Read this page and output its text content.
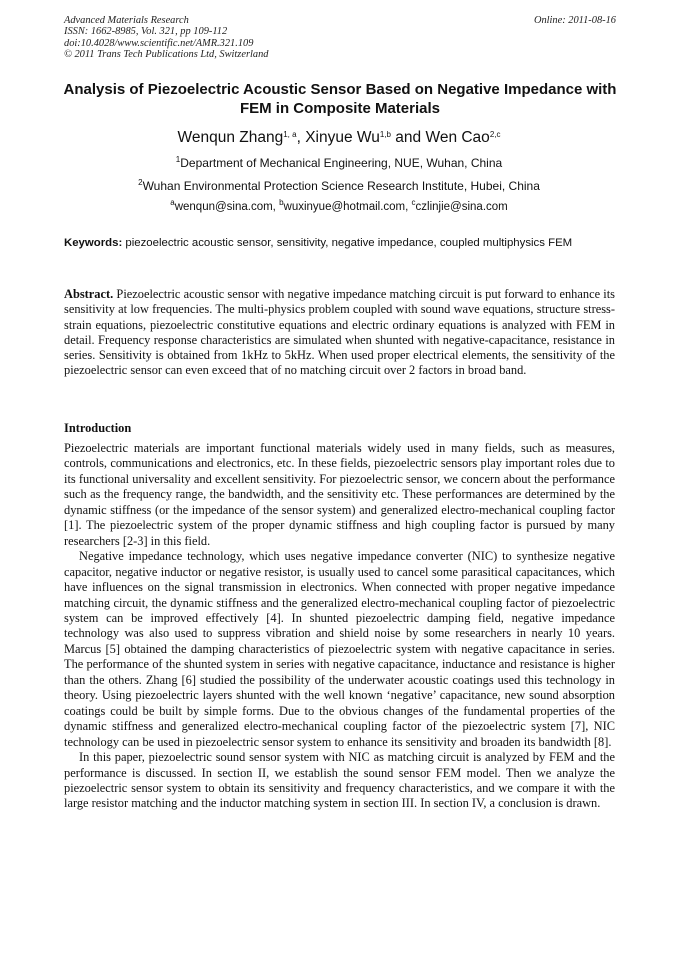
Advanced Materials Research
ISSN: 1662-8985, Vol. 321, pp 109-112
doi:10.4028/www.scientific.net/AMR.321.109
© 2011 Trans Tech Publications Ltd, Switzerland
Online: 2011-08-16
Analysis of Piezoelectric Acoustic Sensor Based on Negative Impedance with FEM in Composite Materials
Wenqun Zhang$^{1, a}$, Xinyue Wu$^{1,b}$ and Wen Cao$^{2,c}$
$^1$Department of Mechanical Engineering, NUE, Wuhan, China
$^2$Wuhan Environmental Protection Science Research Institute, Hubei, China
$^a$wenqun@sina.com, $^b$wuxinyue@hotmail.com, $^c$czlinjie@sina.com
Keywords: piezoelectric acoustic sensor, sensitivity, negative impedance, coupled multiphysics FEM
Abstract. Piezoelectric acoustic sensor with negative impedance matching circuit is put forward to enhance its sensitivity at low frequencies. The multi-physics problem coupled with sound wave equations, structure stress-strain equations, piezoelectric constitutive equations and electric ordinary equations is analyzed with FEM in detail. Frequency response characteristics are simulated when shunted with negative-capacitance, resistance in series. Sensitivity is obtained from 1kHz to 5kHz. When used proper electrical elements, the sensitivity of the piezoelectric sensor can even exceed that of no matching circuit over 2 factors in broad band.
Introduction

Piezoelectric materials are important functional materials widely used in many fields, such as measures, controls, communications and electronics, etc. In these fields, piezoelectric sensors play important roles due to its functional universality and excellent sensitivity. For piezoelectric sensor, we concern about the performance such as the frequency range, the bandwidth, and the sensitivity etc. These performances are determined by the dynamic stiffness (or the impedance of the sensor system) and generalized electro-mechanical coupling factor [1]. The piezoelectric system of the proper dynamic stiffness and high coupling factor is pursued by many researchers [2-3] in this field.

Negative impedance technology, which uses negative impedance converter (NIC) to synthesize negative capacitor, negative inductor or negative resistor, is usually used to cancel some parasitical capacitances, which have influences on the signal transmission in electronics. When connected with proper negative impedance matching circuit, the dynamic stiffness and the generalized electro-mechanical coupling factor of piezoelectric system can be improved effectively [4]. In shunted piezoelectric damping field, negative impedance technology was also used to suppress vibration and shield noise by some researchers in nearly 10 years. Marcus [5] obtained the damping characteristics of piezoelectric system with negative capacitance in series. The performance of the shunted system in series with negative capacitance, inductance and resistance is higher than the others. Zhang [6] studied the possibility of the underwater acoustic coatings used this technology in theory. Using piezoelectric layers shunted with the well known ‘negative’ capacitance, new sound absorption coatings could be built by simple forms. Due to the obvious changes of the fundamental properties of the dynamic stiffness and generalized electro-mechanical coupling factor of the piezoelectric system [7], NIC technology can be used in piezoelectric sensor system to enhance its sensitivity and broaden its bandwidth [8].

In this paper, piezoelectric sound sensor system with NIC as matching circuit is analyzed by FEM and the performance is discussed. In section II, we establish the sound sensor FEM model. Then we analyze the piezoelectric sensor system to obtain its sensitivity and frequency characteristics, and we compare it with the large resistor matching and the inductor matching system in section III. In section IV, a conclusion is drawn.
